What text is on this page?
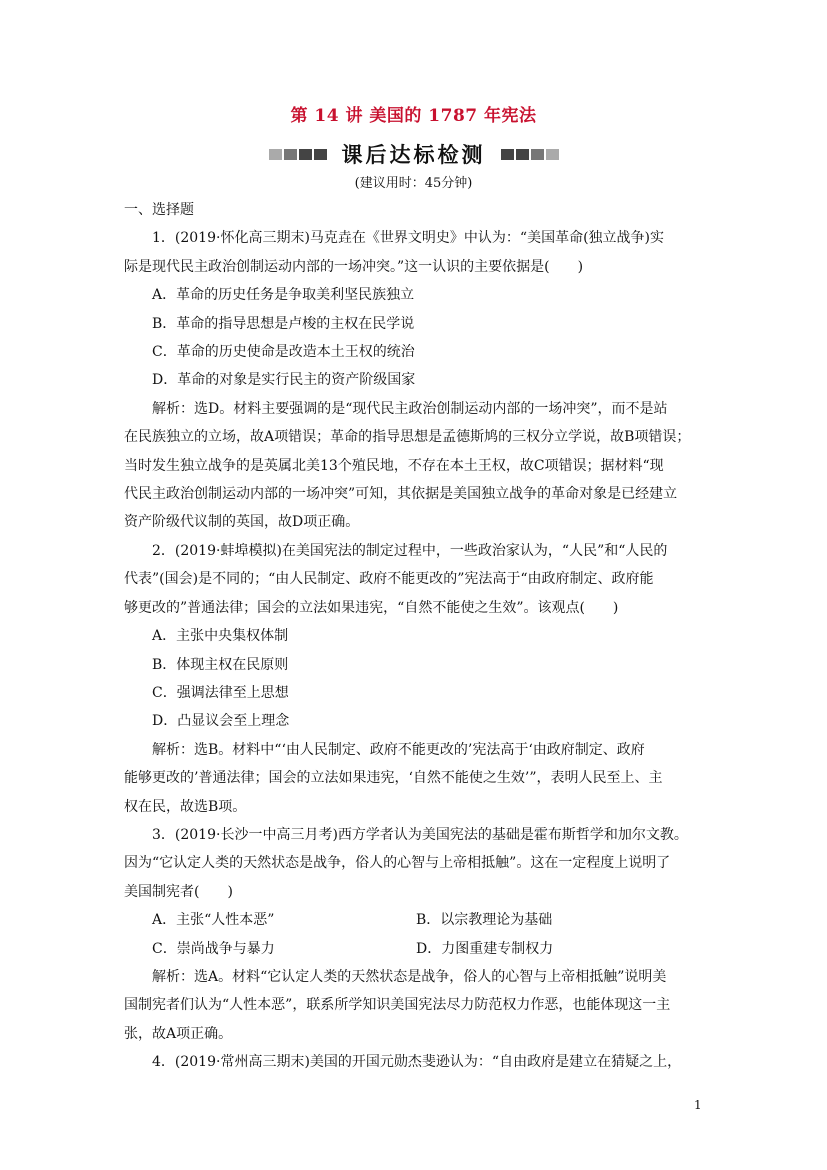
第 14 讲 美国的 1787 年宪法
课后达标检测
(建议用时：45分钟)

一、选择题

1．(2019·怀化高三期末)马克垚在《世界文明史》中认为：“美国革命(独立战争)实

际是现代民主政治创制运动内部的一场冲突。”这一认识的主要依据是(　　)

A．革命的历史任务是争取美利坚民族独立

B．革命的指导思想是卢梭的主权在民学说

C．革命的历史使命是改造本土王权的统治

D．革命的对象是实行民主的资产阶级国家

解析：选D。材料主要强调的是“现代民主政治创制运动内部的一场冲突”，而不是站

在民族独立的立场，故A项错误；革命的指导思想是孟德斯鸠的三权分立学说，故B项错误；

当时发生独立战争的是英属北美13个殖民地，不存在本土王权，故C项错误；据材料“现

代民主政治创制运动内部的一场冲突”可知，其依据是美国独立战争的革命对象是已经建立

资产阶级代议制的英国，故D项正确。

2．(2019·蚌埠模拟)在美国宪法的制定过程中，一些政治家认为，“人民”和“人民的

代表”(国会)是不同的；“由人民制定、政府不能更改的”宪法高于“由政府制定、政府能

够更改的”普通法律；国会的立法如果违宪，“自然不能使之生效”。该观点(　　)

A．主张中央集权体制

B．体现主权在民原则

C．强调法律至上思想

D．凸显议会至上理念

解析：选B。材料中“‘由人民制定、政府不能更改的’宪法高于‘由政府制定、政府

能够更改的’普通法律；国会的立法如果违宪，‘自然不能使之生效’”，表明人民至上、主

权在民，故选B项。

3．(2019·长沙一中高三月考)西方学者认为美国宪法的基础是霍布斯哲学和加尔文教。

因为“它认定人类的天然状态是战争，俗人的心智与上帝相抵触”。这在一定程度上说明了

美国制宪者(　　)

A．主张“人性本恶”	B．以宗教理论为基础
C．崇尚战争与暴力	D．力图重建专制权力

解析：选A。材料“它认定人类的天然状态是战争，俗人的心智与上帝相抵触”说明美

国制宪者们认为“人性本恶”，联系所学知识美国宪法尽力防范权力作恶，也能体现这一主

张，故A项正确。

4．(2019·常州高三期末)美国的开国元勋杰斐逊认为：“自由政府是建立在猜疑之上，

1
